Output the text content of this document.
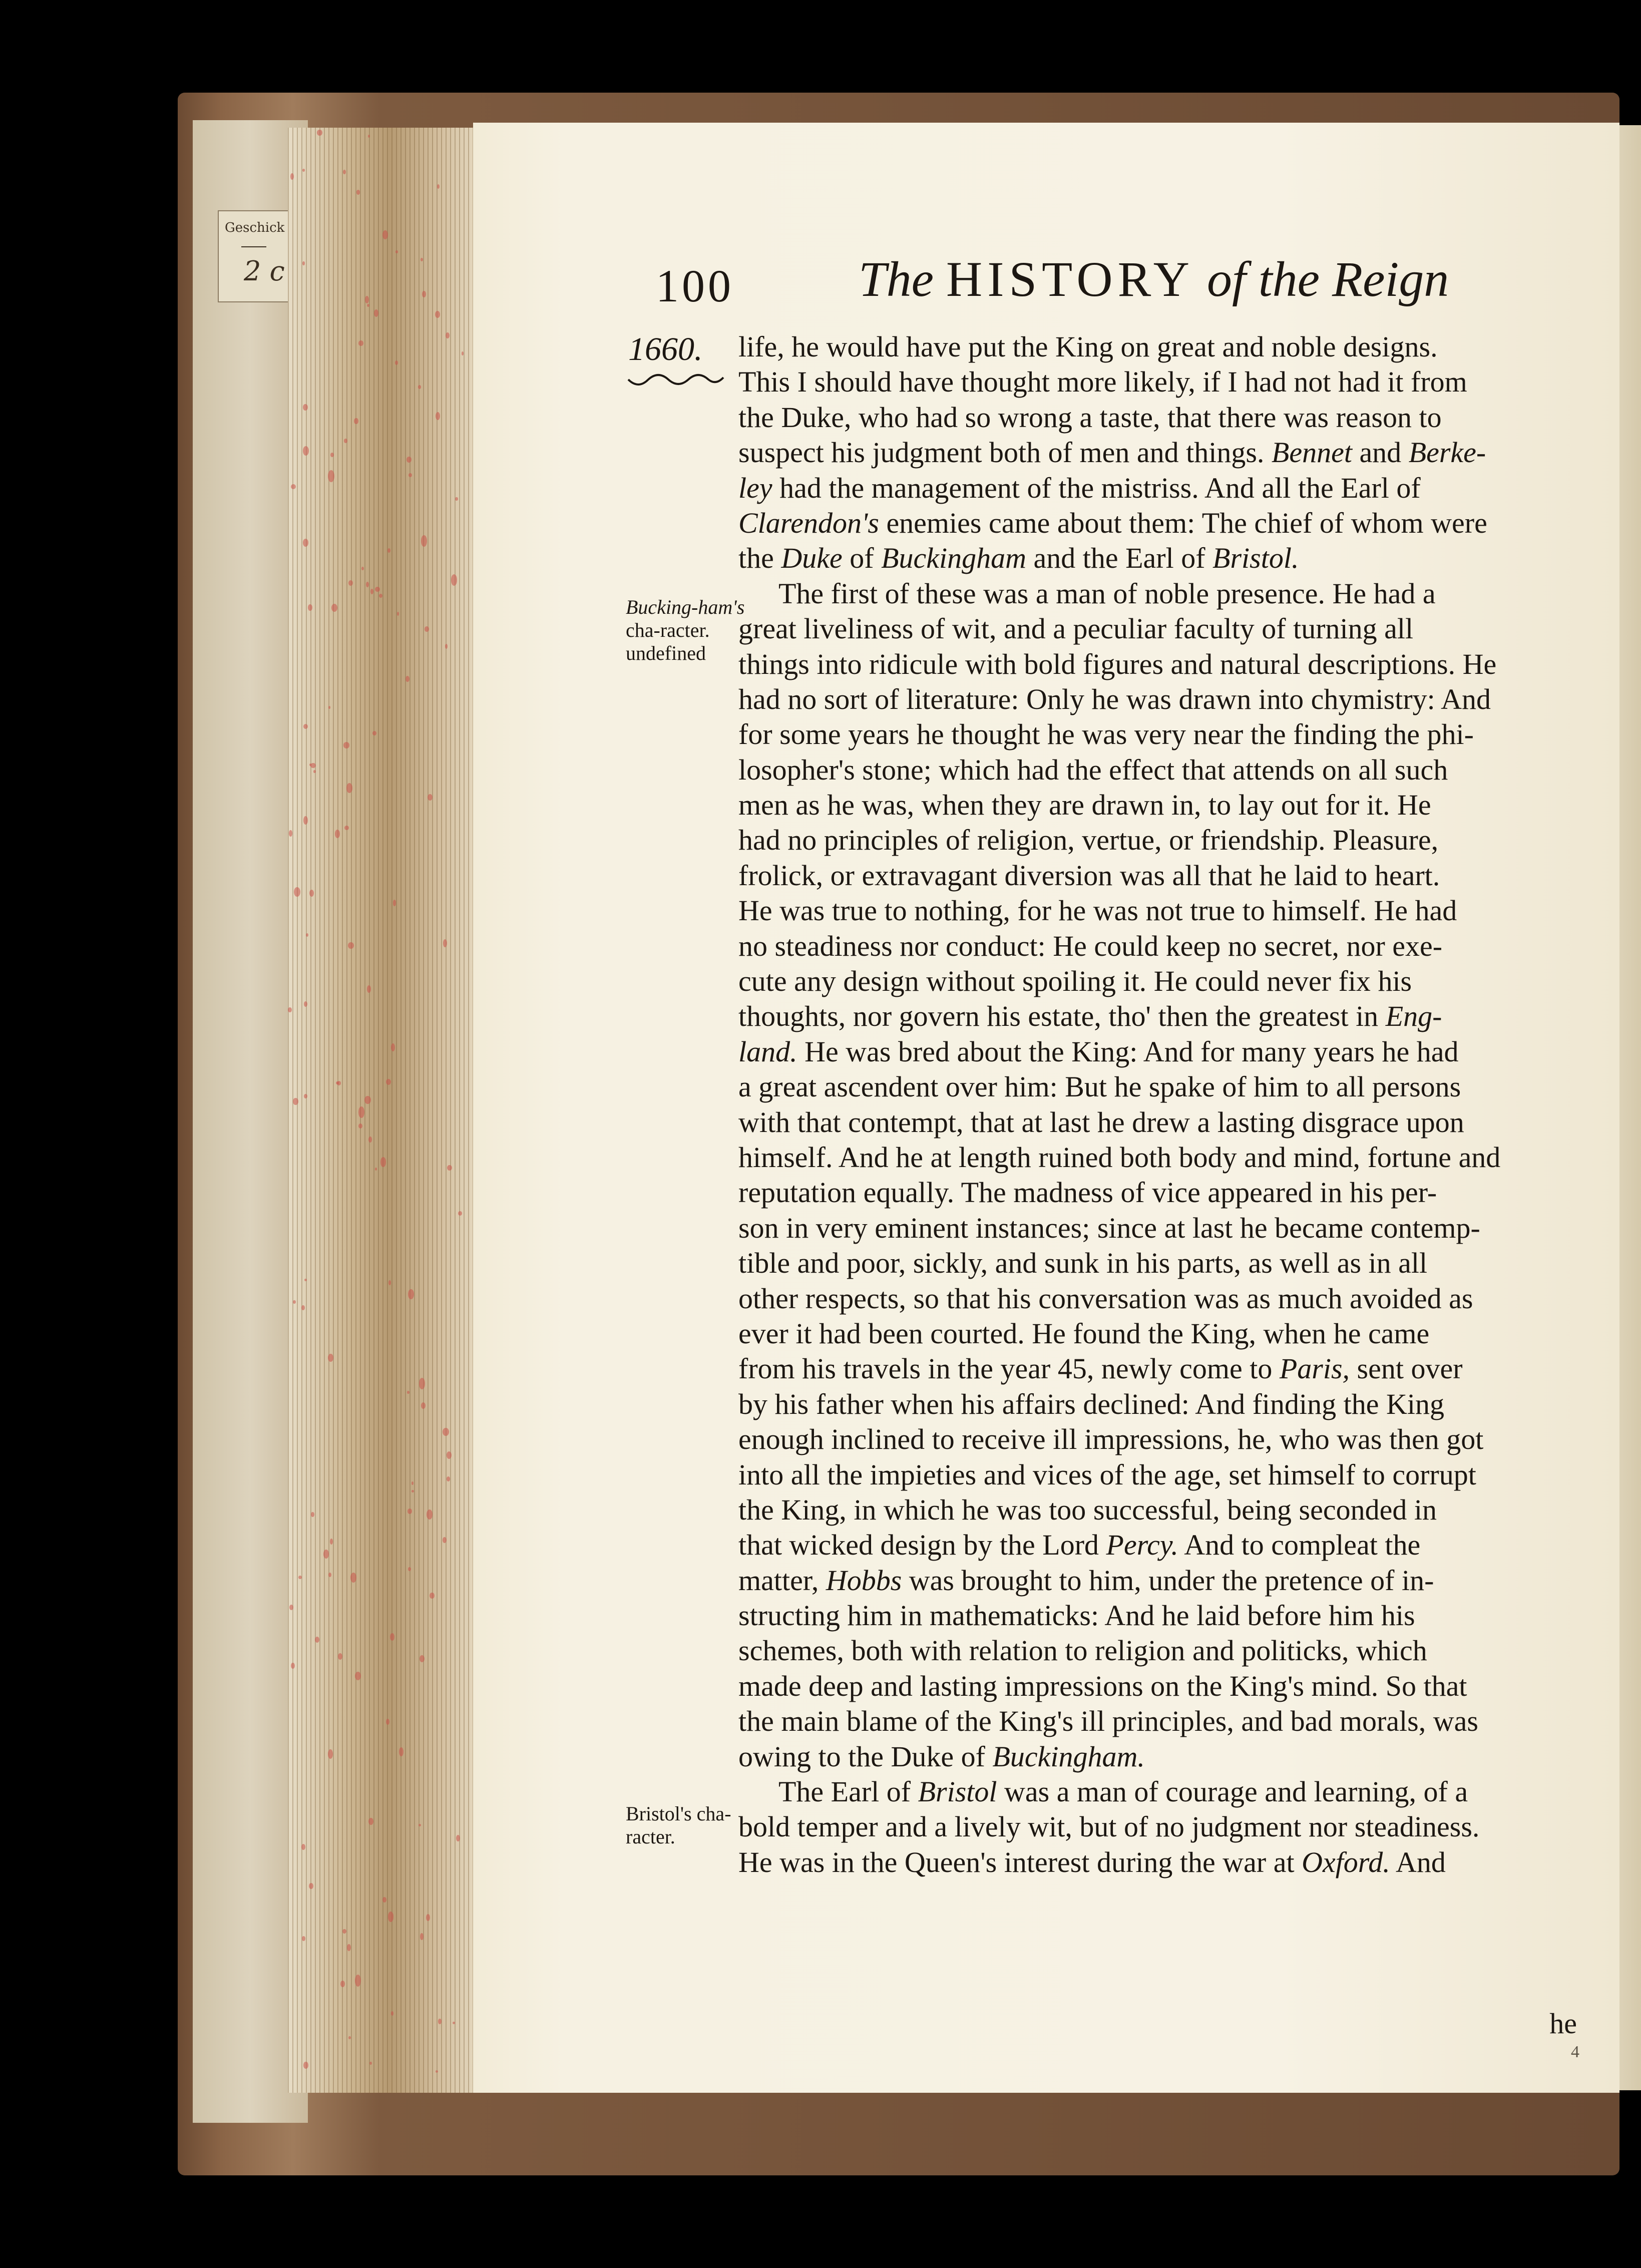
Geschick
2 c	100 The HISTORY of the Reign
1660.
Bucking-ham's
cha-racter. undefined
Bristol's cha-racter.
life, he would have put the King on great and noble designs.
This I should have thought more likely, if I had not had it from
the Duke, who had so wrong a taste, that there was reason to
suspect his judgment both of men and things. Bennet and Berke-
ley had the management of the mistriss. And all the Earl of
Clarendon's enemies came about them: The chief of whom were
the Duke of Buckingham and the Earl of Bristol.
The first of these was a man of noble presence. He had a
great liveliness of wit, and a peculiar faculty of turning all
things into ridicule with bold figures and natural descriptions. He
had no sort of literature: Only he was drawn into chymistry: And
for some years he thought he was very near the finding the phi-
losopher's stone; which had the effect that attends on all such
men as he was, when they are drawn in, to lay out for it. He
had no principles of religion, vertue, or friendship. Pleasure,
frolick, or extravagant diversion was all that he laid to heart.
He was true to nothing, for he was not true to himself. He had
no steadiness nor conduct: He could keep no secret, nor exe-
cute any design without spoiling it. He could never fix his
thoughts, nor govern his estate, tho' then the greatest in Eng-
land. He was bred about the King: And for many years he had
a great ascendent over him: But he spake of him to all persons
with that contempt, that at last he drew a lasting disgrace upon
himself. And he at length ruined both body and mind, fortune and
reputation equally. The madness of vice appeared in his per-
son in very eminent instances; since at last he became contemp-
tible and poor, sickly, and sunk in his parts, as well as in all
other respects, so that his conversation was as much avoided as
ever it had been courted. He found the King, when he came
from his travels in the year 45, newly come to Paris, sent over
by his father when his affairs declined: And finding the King
enough inclined to receive ill impressions, he, who was then got
into all the impieties and vices of the age, set himself to corrupt
the King, in which he was too successful, being seconded in
that wicked design by the Lord Percy. And to compleat the
matter, Hobbs was brought to him, under the pretence of in-
structing him in mathematicks: And he laid before him his
schemes, both with relation to religion and politicks, which
made deep and lasting impressions on the King's mind. So that
the main blame of the King's ill principles, and bad morals, was
owing to the Duke of Buckingham.
The Earl of Bristol was a man of courage and learning, of a
bold temper and a lively wit, but of no judgment nor steadiness.
He was in the Queen's interest during the war at Oxford. And
he
4
